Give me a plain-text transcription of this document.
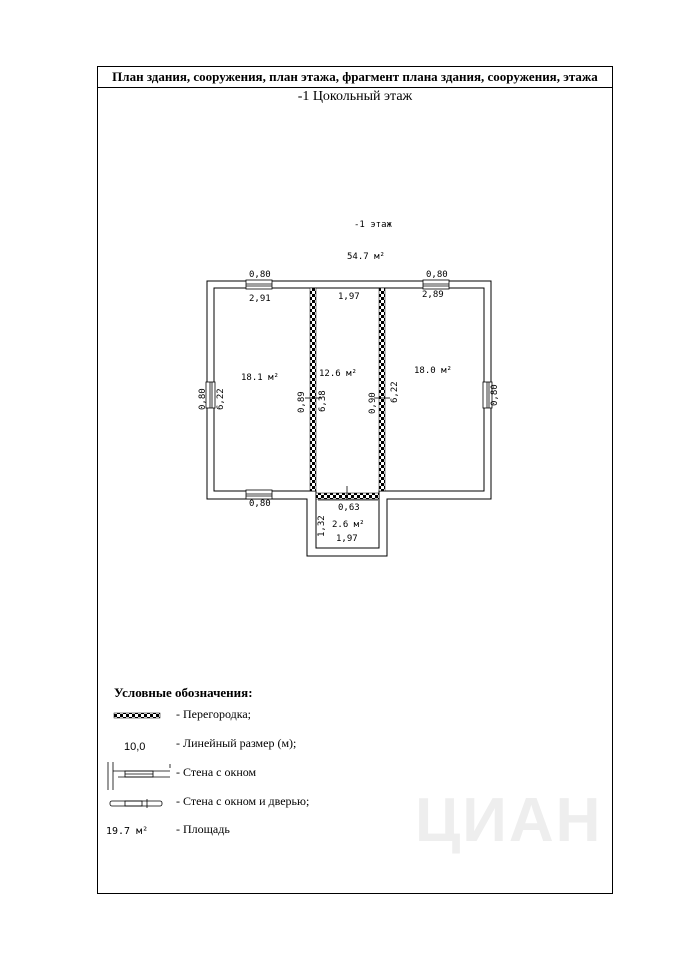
План здания, сооружения, план этажа, фрагмент плана здания, сооружения, этажа
-1 Цокольный этаж
-1 этаж
54.7 м²
0,80	0,80
2,91	1,97	2,89
18.1 м²	12.6 м²	18.0 м²
2.6 м²
0,80 6,22	0,89 6,38	0,90
6,22	0,80
0,80	0,63
1,32
1,97
Условные обозначения:
- Перегородка;
10,0	- Линейный размер (м);
- Стена с окном
- Стена с окном и дверью;
19.7 м² - Площадь	ЦИАН
